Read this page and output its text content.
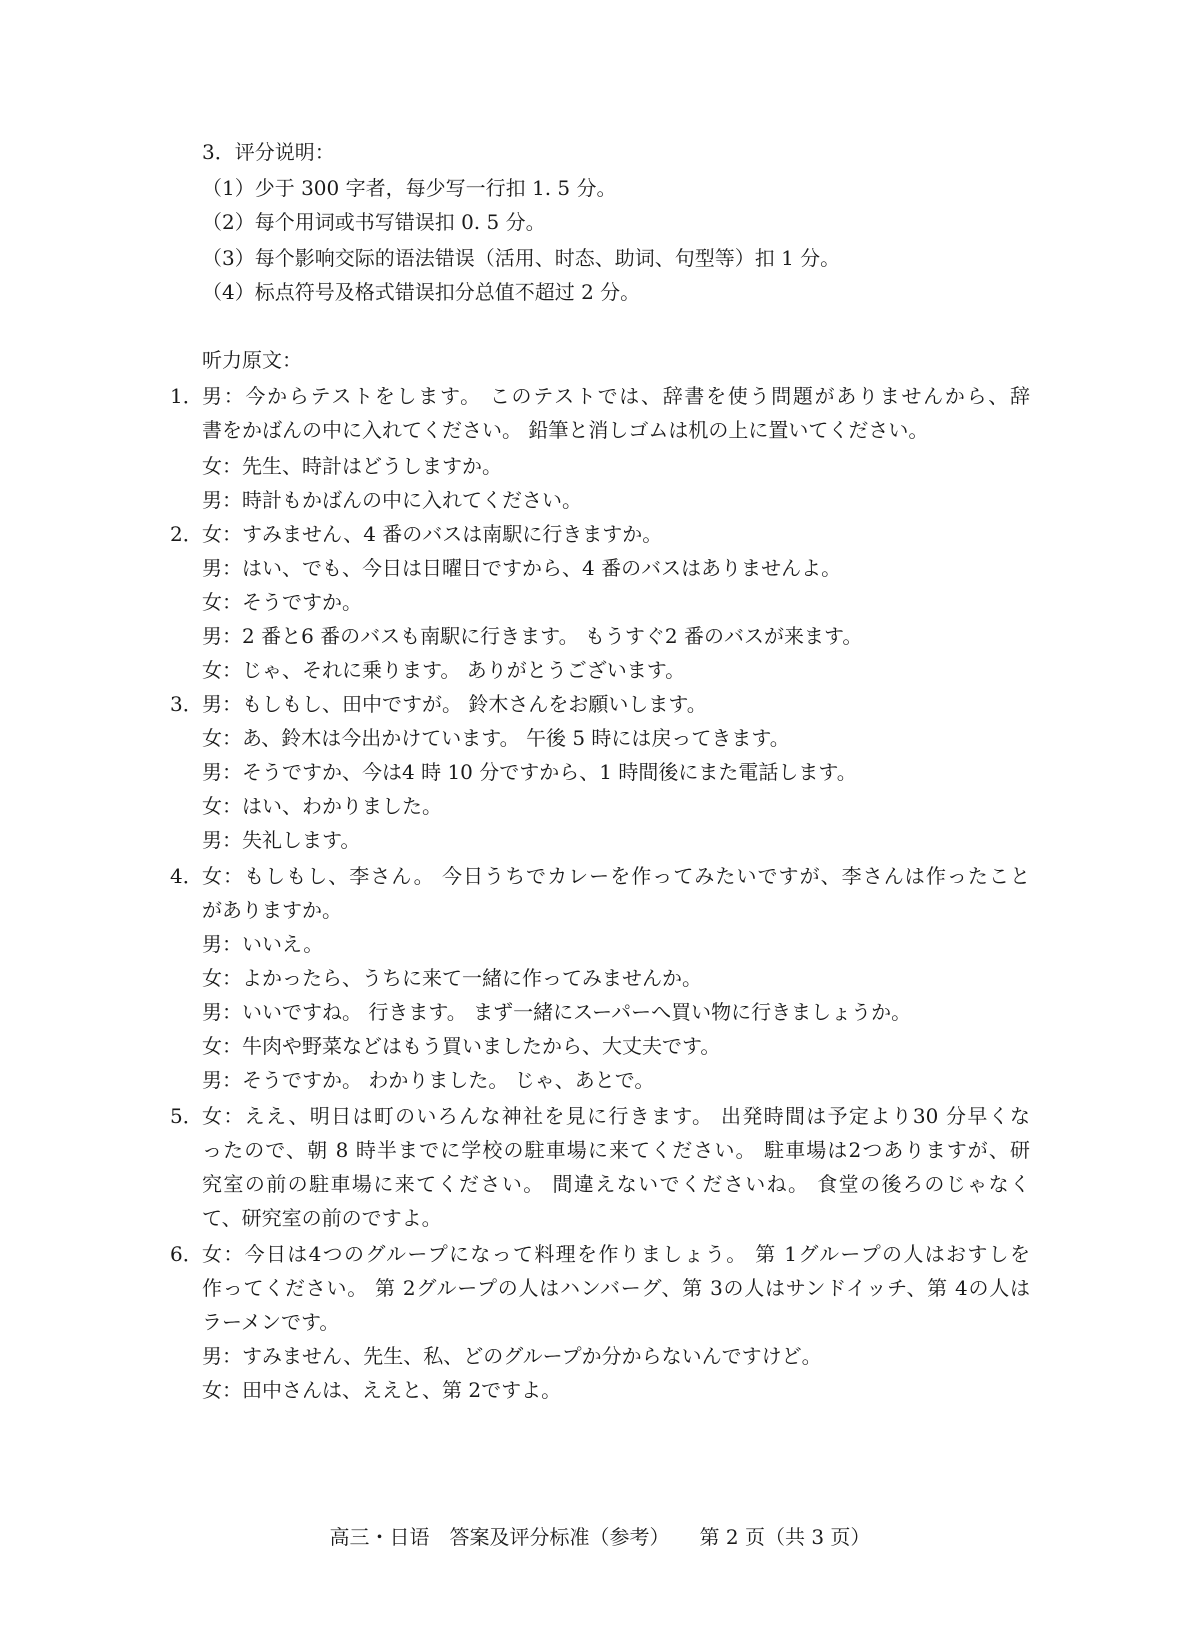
3．评分说明：
（1）少于 300 字者，每少写一行扣 1. 5 分。
（2）每个用词或书写错误扣 0. 5 分。
（3）每个影响交际的语法错误（活用、时态、助词、句型等）扣 1 分。
（4）标点符号及格式错误扣分总值不超过 2 分。
听力原文：
1． 男：今からテストをします。 このテストでは、辞書を使う問題がありませんから、辞
書をかばんの中に入れてください。 鉛筆と消しゴムは机の上に置いてください。
女：先生、時計はどうしますか。
男：時計もかばんの中に入れてください。
2． 女：すみません、4 番のバスは南駅に行きますか。
男：はい、でも、今日は日曜日ですから、4 番のバスはありませんよ。
女：そうですか。
男：2 番と6 番のバスも南駅に行きます。 もうすぐ2 番のバスが来ます。
女：じゃ、それに乗ります。 ありがとうございます。
3． 男：もしもし、田中ですが。 鈴木さんをお願いします。
女：あ、鈴木は今出かけています。 午後 5 時には戻ってきます。
男：そうですか、今は4 時 10 分ですから、1 時間後にまた電話します。
女：はい、わかりました。
男：失礼します。
4． 女：もしもし、李さん。 今日うちでカレーを作ってみたいですが、李さんは作ったこと
がありますか。
男：いいえ。
女：よかったら、うちに来て一緒に作ってみませんか。
男：いいですね。 行きます。 まず一緒にスーパーへ買い物に行きましょうか。
女：牛肉や野菜などはもう買いましたから、大丈夫です。
男：そうですか。 わかりました。 じゃ、あとで。
5． 女：ええ、明日は町のいろんな神社を見に行きます。 出発時間は予定より30 分早くな
ったので、朝 8 時半までに学校の駐車場に来てください。 駐車場は2つありますが、研
究室の前の駐車場に来てください。 間違えないでくださいね。 食堂の後ろのじゃなく
て、研究室の前のですよ。
6． 女：今日は4つのグループになって料理を作りましょう。 第 1グループの人はおすしを
作ってください。 第 2グループの人はハンバーグ、第 3の人はサンドイッチ、第 4の人は
ラーメンです。
男：すみません、先生、私、どのグループか分からないんですけど。
女：田中さんは、ええと、第 2ですよ。
高三・日语　答案及评分标准（参考） 第 2 页（共 3 页）
